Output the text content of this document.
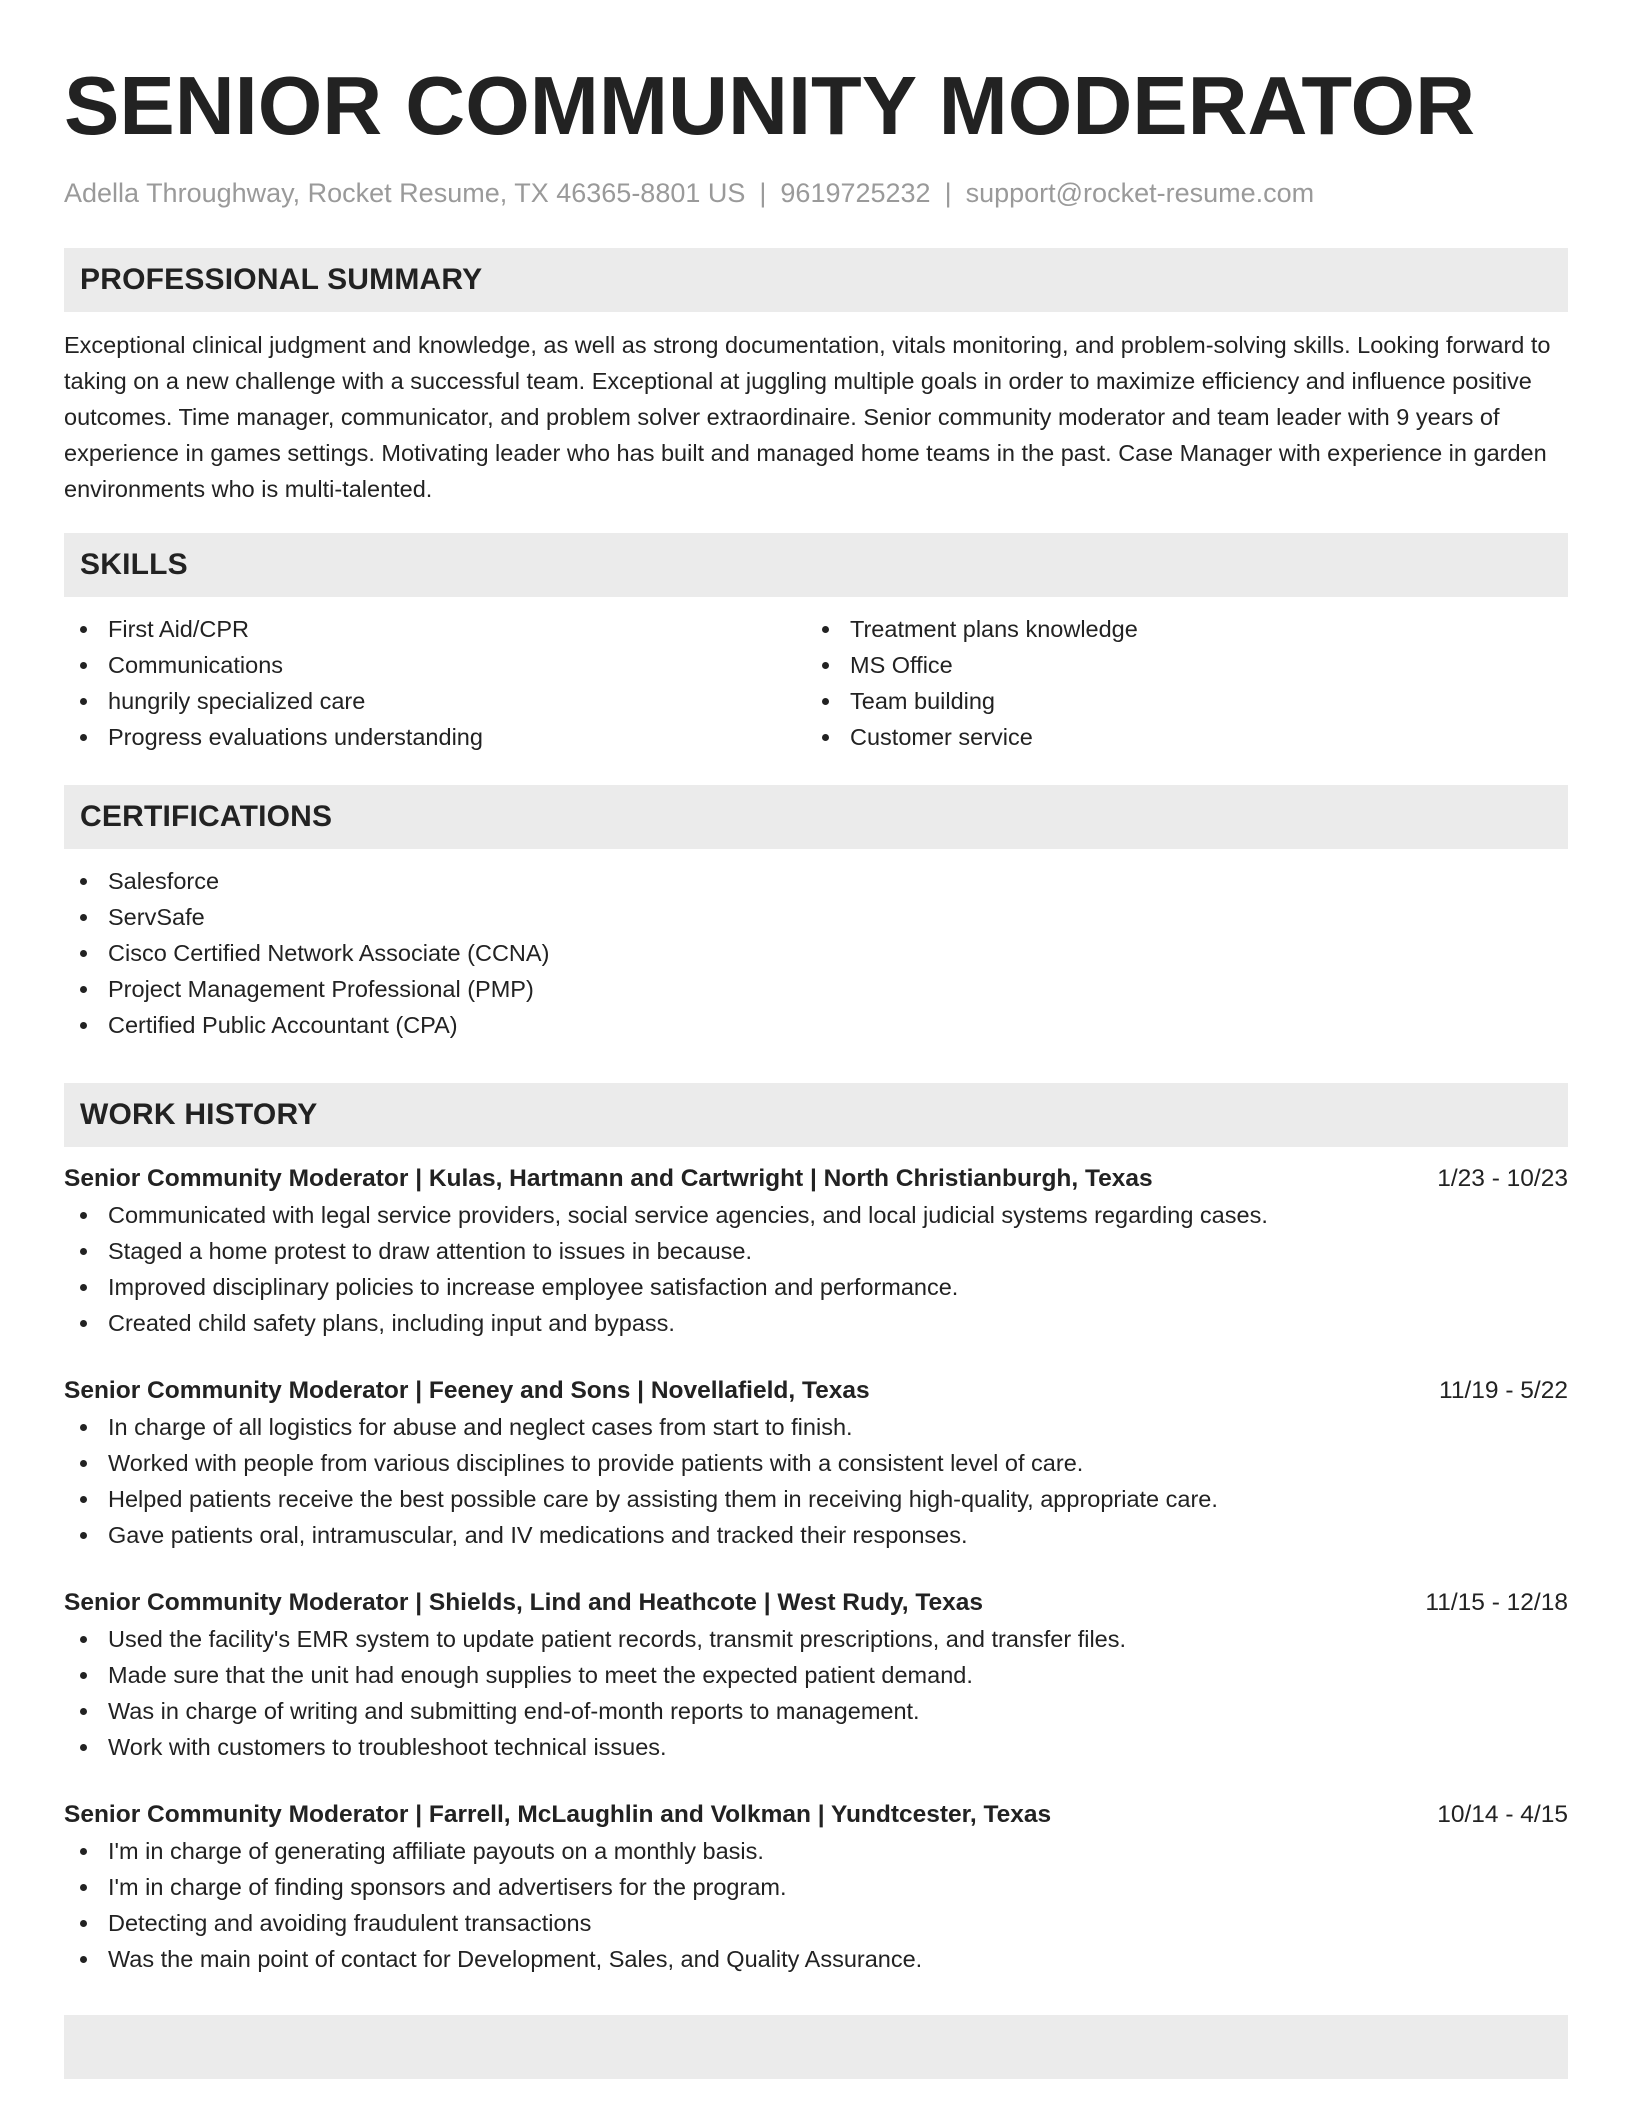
SENIOR COMMUNITY MODERATOR
Adella Throughway, Rocket Resume, TX 46365-8801 US | 9619725232 | support@rocket-resume.com
PROFESSIONAL SUMMARY

Exceptional clinical judgment and knowledge, as well as strong documentation, vitals monitoring, and problem-solving skills. Looking forward to taking on a new challenge with a successful team. Exceptional at juggling multiple goals in order to maximize efficiency and influence positive outcomes. Time manager, communicator, and problem solver extraordinaire. Senior community moderator and team leader with 9 years of experience in games settings. Motivating leader who has built and managed home teams in the past. Case Manager with experience in garden environments who is multi-talented.

SKILLS
First Aid/CPR
Communications
hungrily specialized care
Progress evaluations understanding
Treatment plans knowledge
MS Office
Team building
Customer service
CERTIFICATIONS
Salesforce
ServSafe
Cisco Certified Network Associate (CCNA)
Project Management Professional (PMP)
Certified Public Accountant (CPA)
WORK HISTORY
Senior Community Moderator | Kulas, Hartmann and Cartwright | North Christianburgh, Texas	1/23 - 10/23
Communicated with legal service providers, social service agencies, and local judicial systems regarding cases.
Staged a home protest to draw attention to issues in because.
Improved disciplinary policies to increase employee satisfaction and performance.
Created child safety plans, including input and bypass.
Senior Community Moderator | Feeney and Sons | Novellafield, Texas	11/19 - 5/22
In charge of all logistics for abuse and neglect cases from start to finish.
Worked with people from various disciplines to provide patients with a consistent level of care.
Helped patients receive the best possible care by assisting them in receiving high-quality, appropriate care.
Gave patients oral, intramuscular, and IV medications and tracked their responses.
Senior Community Moderator | Shields, Lind and Heathcote | West Rudy, Texas	11/15 - 12/18
Used the facility's EMR system to update patient records, transmit prescriptions, and transfer files.
Made sure that the unit had enough supplies to meet the expected patient demand.
Was in charge of writing and submitting end-of-month reports to management.
Work with customers to troubleshoot technical issues.
Senior Community Moderator | Farrell, McLaughlin and Volkman | Yundtcester, Texas	10/14 - 4/15
I'm in charge of generating affiliate payouts on a monthly basis.
I'm in charge of finding sponsors and advertisers for the program.
Detecting and avoiding fraudulent transactions
Was the main point of contact for Development, Sales, and Quality Assurance.
